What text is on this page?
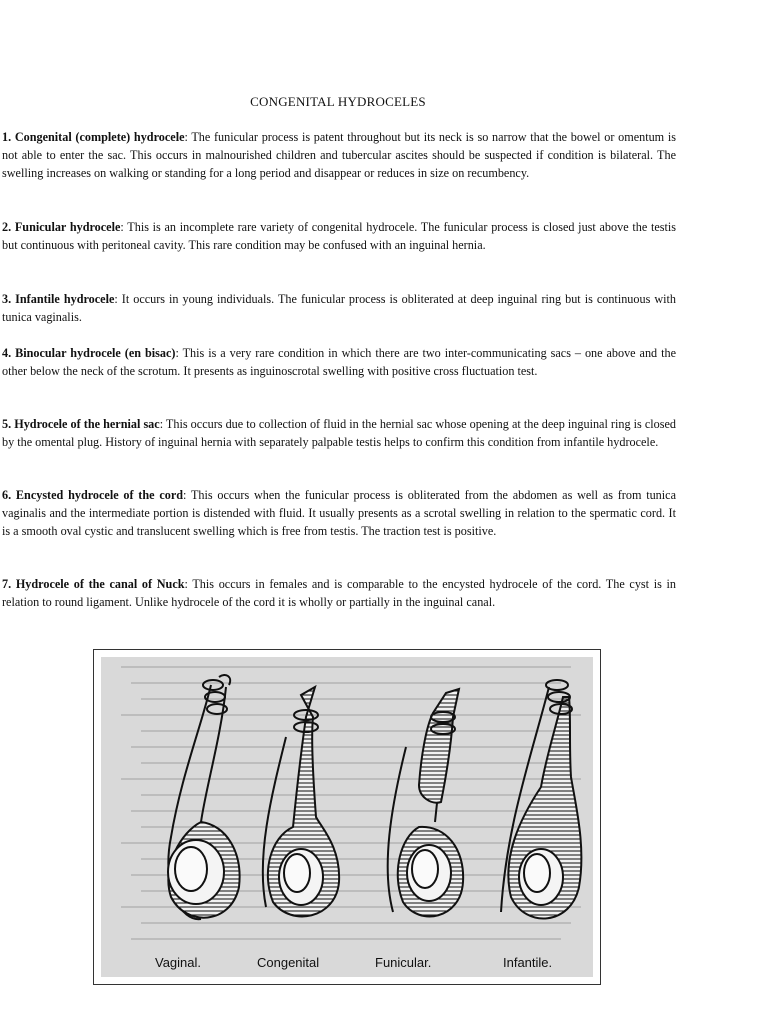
CONGENITAL HYDROCELES

1. Congenital (complete) hydrocele: The funicular process is patent throughout but its neck is so narrow that the bowel or omentum is not able to enter the sac. This occurs in malnourished children and tubercular ascites should be suspected if condition is bilateral. The swelling increases on walking or standing for a long period and disappear or reduces in size on recumbency.

2. Funicular hydrocele: This is an incomplete rare variety of congenital hydrocele. The funicular process is closed just above the testis but continuous with peritoneal cavity. This rare condition may be confused with an inguinal hernia.

3. Infantile hydrocele: It occurs in young individuals. The funicular process is obliterated at deep inguinal ring but is continuous with tunica vaginalis.

4. Binocular hydrocele (en bisac): This is a very rare condition in which there are two inter-communicating sacs – one above and the other below the neck of the scrotum. It presents as inguinoscrotal swelling with positive cross fluctuation test.

5. Hydrocele of the hernial sac: This occurs due to collection of fluid in the hernial sac whose opening at the deep inguinal ring is closed by the omental plug. History of inguinal hernia with separately palpable testis helps to confirm this condition from infantile hydrocele.

6. Encysted hydrocele of the cord: This occurs when the funicular process is obliterated from the abdomen as well as from tunica vaginalis and the intermediate portion is distended with fluid. It usually presents as a scrotal swelling in relation to the spermatic cord. It is a smooth oval cystic and translucent swelling which is free from testis. The traction test is positive.

7. Hydrocele of the canal of Nuck: This occurs in females and is comparable to the encysted hydrocele of the cord. The cyst is in relation to round ligament. Unlike hydrocele of the cord it is wholly or partially in the inguinal canal.

Vaginal.	Congenital	Funicular.	Infantile.
